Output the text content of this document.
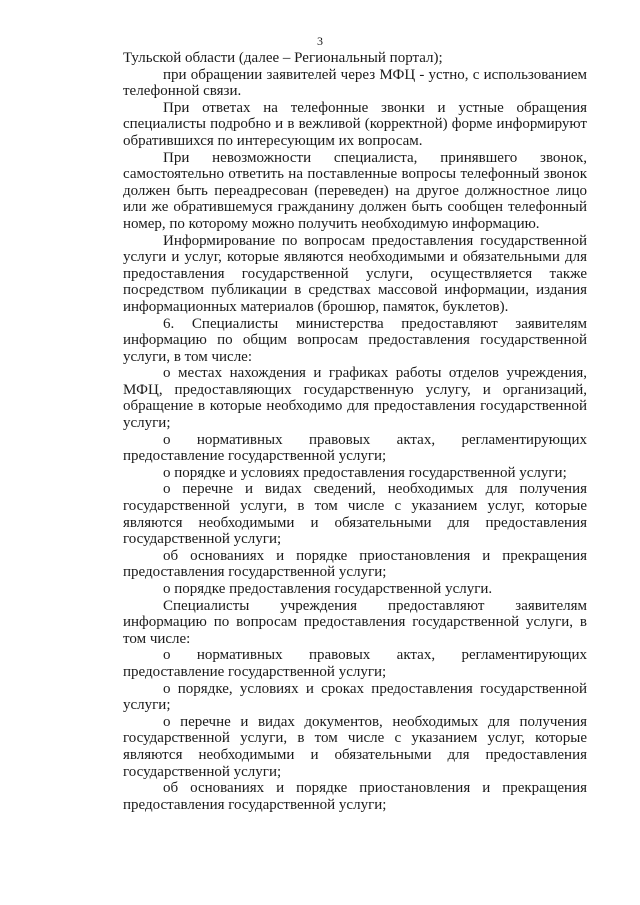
3

Тульской области (далее – Региональный портал);

при обращении заявителей через МФЦ - устно, с использованием телефонной связи.

При ответах на телефонные звонки и устные обращения специалисты подробно и в вежливой (корректной) форме информируют обратившихся по интересующим их вопросам.

При невозможности специалиста, принявшего звонок, самостоятельно ответить на поставленные вопросы телефонный звонок должен быть переадресован (переведен) на другое должностное лицо или же обратившемуся гражданину должен быть сообщен телефонный номер, по которому можно получить необходимую информацию.

Информирование по вопросам предоставления государственной услуги и услуг, которые являются необходимыми и обязательными для предоставления государственной услуги, осуществляется также посредством публикации в средствах массовой информации, издания информационных материалов (брошюр, памяток, буклетов).

6. Специалисты министерства предоставляют заявителям информацию по общим вопросам предоставления государственной услуги, в том числе:

о местах нахождения и графиках работы отделов учреждения, МФЦ, предоставляющих государственную услугу, и организаций, обращение в которые необходимо для предоставления государственной услуги;

о нормативных правовых актах, регламентирующих предоставление государственной услуги;

о порядке и условиях предоставления государственной услуги;

о перечне и видах сведений, необходимых для получения государственной услуги, в том числе с указанием услуг, которые являются необходимыми и обязательными для предоставления государственной услуги;

об основаниях и порядке приостановления и прекращения предоставления государственной услуги;

о порядке предоставления государственной услуги.

Специалисты учреждения предоставляют заявителям информацию по вопросам предоставления государственной услуги, в том числе:

о нормативных правовых актах, регламентирующих предоставление государственной услуги;

о порядке, условиях и сроках предоставления государственной услуги;

о перечне и видах документов, необходимых для получения государственной услуги, в том числе с указанием услуг, которые являются необходимыми и обязательными для предоставления государственной услуги;

об основаниях и порядке приостановления и прекращения предоставления государственной услуги;
